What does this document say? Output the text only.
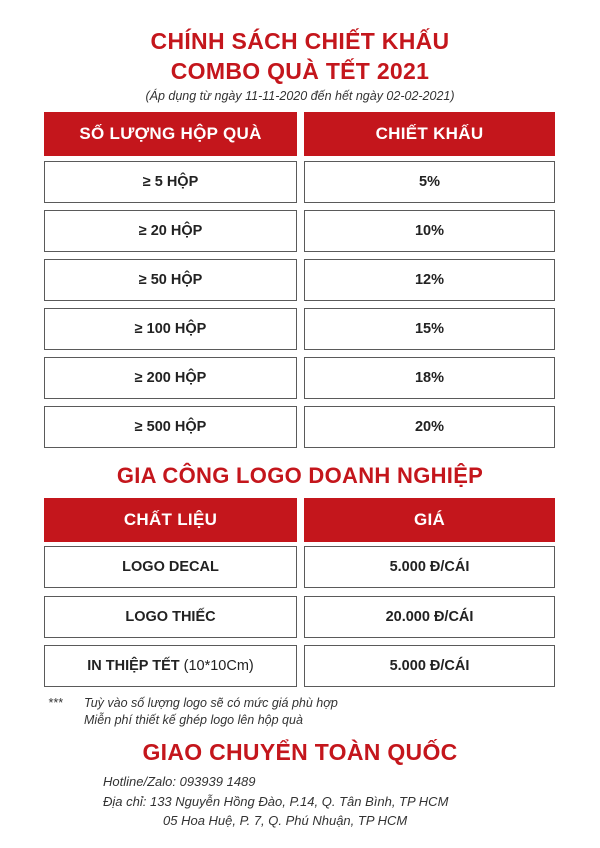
CHÍNH SÁCH CHIẾT KHẤU
COMBO QUÀ TẾT 2021
(Áp dụng từ ngày 11-11-2020 đến hết ngày 02-02-2021)
SỐ LƯỢNG HỘP QUÀ	CHIẾT KHẤU
≥ 5 HỘP	5%
≥ 20 HỘP	10%
≥ 50 HỘP	12%
≥ 100 HỘP	15%
≥ 200 HỘP	18%
≥ 500 HỘP	20%
GIA CÔNG LOGO DOANH NGHIỆP
CHẤT LIỆU	GIÁ
LOGO DECAL	5.000 Đ/CÁI
LOGO THIẾC	20.000 Đ/CÁI
IN THIỆP TẾT (10*10Cm)	5.000 Đ/CÁI
*** Tuỳ vào số lượng logo sẽ có mức giá phù hợp
Miễn phí thiết kế ghép logo lên hộp quà
GIAO CHUYỂN TOÀN QUỐC
Hotline/Zalo: 093939 1489
Địa chỉ: 133 Nguyễn Hồng Đào, P.14, Q. Tân Bình, TP HCM
05 Hoa Huệ, P. 7, Q. Phú Nhuận, TP HCM
